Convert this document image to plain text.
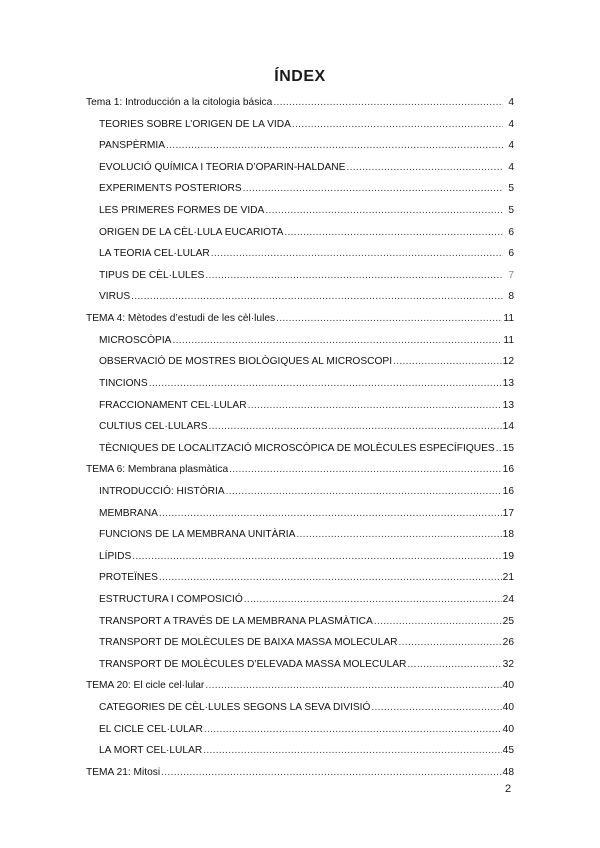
ÍNDEX
Tema 1: Introducción a la citologia básica .....	4
TEORIES SOBRE L’ORIGEN DE LA VIDA .....	4
PANSPÈRMIA .....	4
EVOLUCIÓ QUÍMICA I TEORIA D’OPARIN-HALDANE .....	4
EXPERIMENTS POSTERIORS .....	5
LES PRIMERES FORMES DE VIDA .....	5
ORIGEN DE LA CÈL·LULA EUCARIOTA .....	6
LA TEORIA CEL·LULAR .....	6
TIPUS DE CÈL·LULES .....	7
VIRUS .....	8
TEMA 4: Mètodes d’estudi de les cèl·lules .....	11
MICROSCÒPIA .....	11
OBSERVACIÓ DE MOSTRES BIOLÒGIQUES AL MICROSCOPI .....	12
TINCIONS .....	13
FRACCIONAMENT CEL·LULAR .....	13
CULTIUS CEL·LULARS .....	14
TÈCNIQUES DE LOCALITZACIÓ MICROSCÒPICA DE MOLÈCULES ESPECÍFIQUES ..... 15
TEMA 6: Membrana plasmàtica .....	16
INTRODUCCIÓ: HISTÒRIA .....	16
MEMBRANA .....	17
FUNCIONS DE LA MEMBRANA UNITÀRIA .....	18
LÍPIDS .....	19
PROTEÏNES .....	21
ESTRUCTURA I COMPOSICIÓ .....	24
TRANSPORT A TRAVÉS DE LA MEMBRANA PLASMÀTICA .....	25
TRANSPORT DE MOLÈCULES DE BAIXA MASSA MOLECULAR .....	26
TRANSPORT DE MOLÈCULES D’ELEVADA MASSA MOLECULAR .....	32
TEMA 20: El cicle cel·lular .....	40
CATEGORIES DE CÈL·LULES SEGONS LA SEVA DIVISIÓ .....	40
EL CICLE CEL·LULAR .....	40
LA MORT CEL·LULAR .....	45
TEMA 21: Mitosi .....	48
2
